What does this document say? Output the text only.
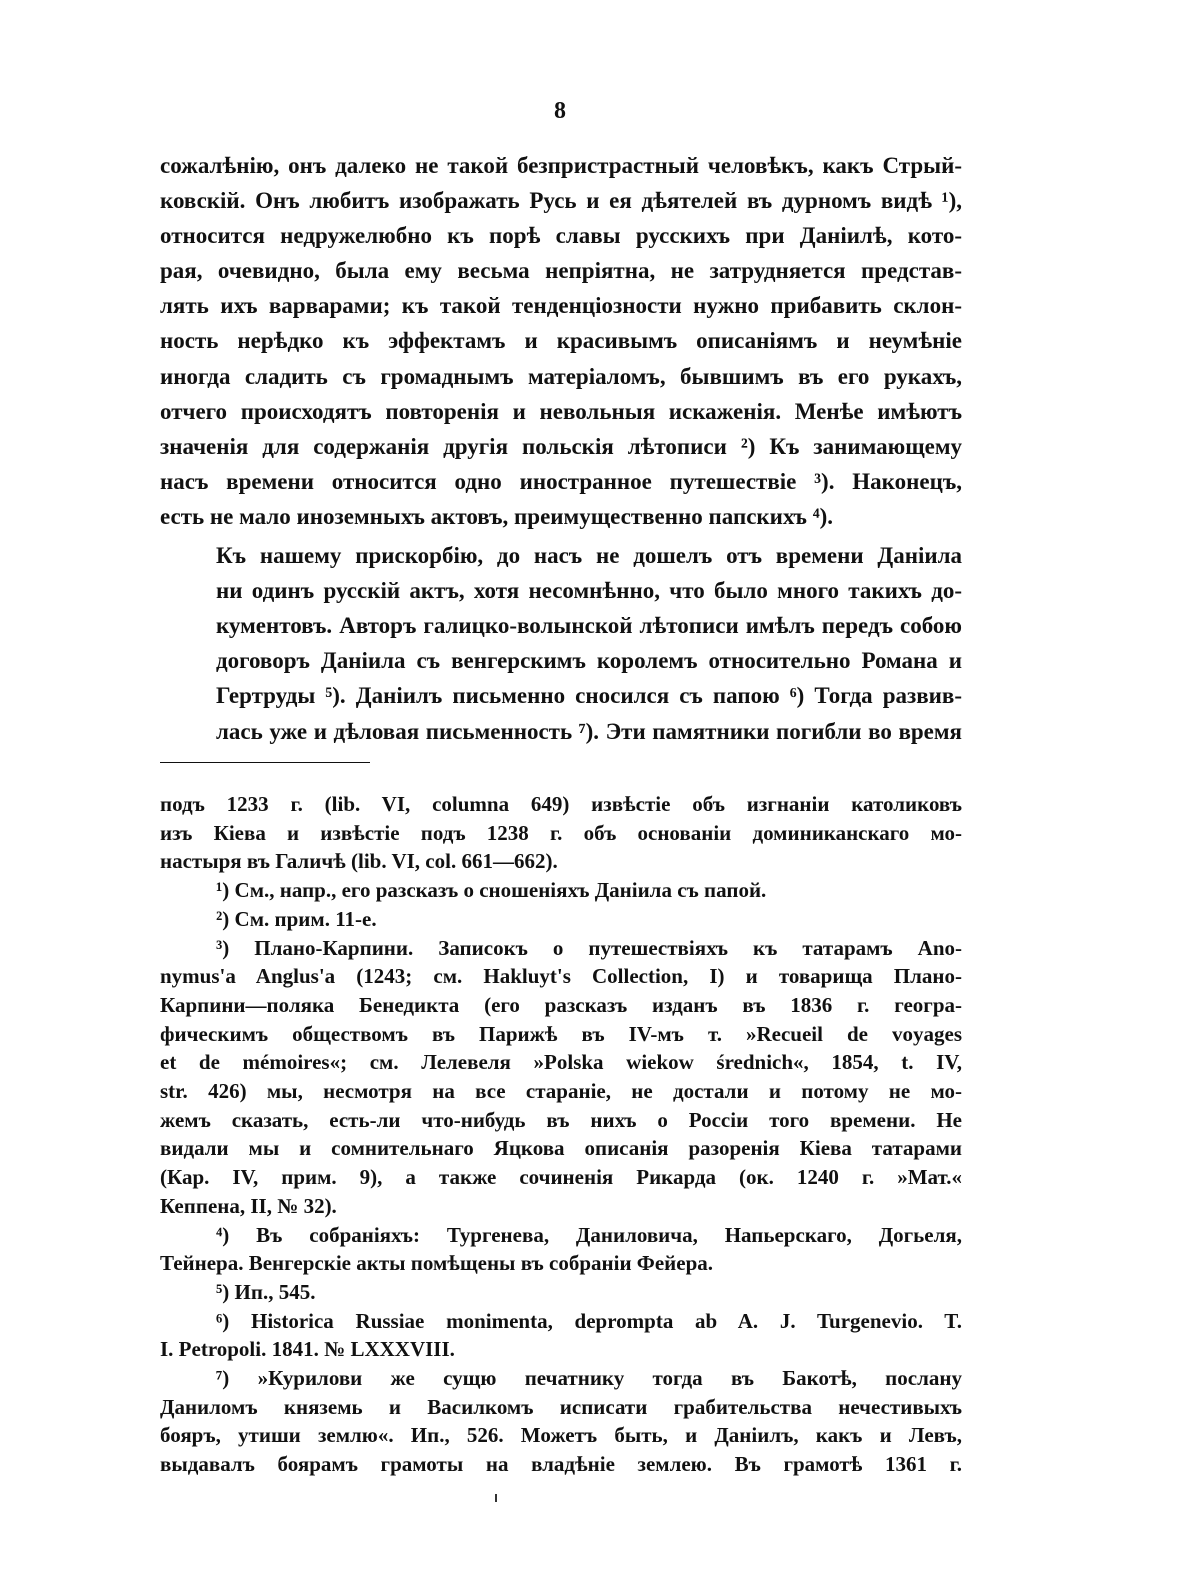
8

сожалѣнію, онъ далеко не такой безпристрастный человѣкъ, какъ Стрый-
ковскій. Онъ любитъ изображать Русь и ея дѣятелей въ дурномъ видѣ ¹),
относится недружелюбно къ порѣ славы русскихъ при Даніилѣ, кото-
рая, очевидно, была ему весьма непріятна, не затрудняется представ-
лять ихъ варварами; къ такой тенденціозности нужно прибавить склон-
ность нерѣдко къ эффектамъ и красивымъ описаніямъ и неумѣніе
иногда сладить съ громаднымъ матеріаломъ, бывшимъ въ его рукахъ,
отчего происходятъ повторенія и невольныя искаженія. Менѣе имѣютъ
значенія для содержанія другія польскія лѣтописи ²) Къ занимающему
насъ времени относится одно иностранное путешествіе ³). Наконецъ,
есть не мало иноземныхъ актовъ, преимущественно папскихъ ⁴).

Къ нашему прискорбію, до насъ не дошелъ отъ времени Даніила
ни одинъ русскій актъ, хотя несомнѣнно, что было много такихъ до-
кументовъ. Авторъ галицко-волынской лѣтописи имѣлъ передъ собою
договоръ Даніила съ венгерскимъ королемъ относительно Романа и
Гертруды ⁵). Даніилъ письменно сносился съ папою ⁶) Тогда развив-
лась уже и дѣловая письменность ⁷). Эти памятники погибли во время

подъ 1233 г. (lib. VI, columna 649) извѣстіе объ изгнаніи католиковъ
изъ Кіева и извѣстіе подъ 1238 г. объ основаніи доминиканскаго мо-
настыря въ Галичѣ (lib. VI, col. 661—662).
¹) См., напр., его разсказъ о сношеніяхъ Даніила съ папой.
²) См. прим. 11-е.
³) Плано-Карпини. Записокъ о путешествіяхъ къ татарамъ Ano-
nymus'a Anglus'a (1243; см. Hakluyt's Collection, I) и товарища Плано-
Карпини—поляка Бенедикта (его разсказъ изданъ въ 1836 г. геогра-
фическимъ обществомъ въ Парижѣ въ IV-мъ т. »Recueil de voyages
et de mémoires«; см. Лелевеля »Polska wiekow średnich«, 1854, t. IV,
str. 426) мы, несмотря на все стараніе, не достали и потому не мо-
жемъ сказать, есть-ли что-нибудь въ нихъ о Россіи того времени. Не
видали мы и сомнительнаго Яцкова описанія разоренія Кіева татарами
(Кар. IV, прим. 9), а также сочиненія Рикарда (ок. 1240 г. »Мат.«
Кеппена, II, № 32).
⁴) Въ собраніяхъ: Тургенева, Даниловича, Напьерскаго, Догьеля,
Тейнера. Венгерскіе акты помѣщены въ собраніи Фейера.
⁵) Ип., 545.
⁶) Historica Russiae monimenta, deprompta ab A. J. Turgenevio. T.
I. Petropoli. 1841. № LXXXVIII.
⁷) »Курилови же сущю печатнику тогда въ Бакотѣ, послану
Даниломъ княземь и Василкомъ исписати грабительства нечестивыхъ
бояръ, утиши землю«. Ип., 526. Можетъ быть, и Даніилъ, какъ и Левъ,
выдавалъ боярамъ грамоты на владѣніе землею. Въ грамотѣ 1361 г.
